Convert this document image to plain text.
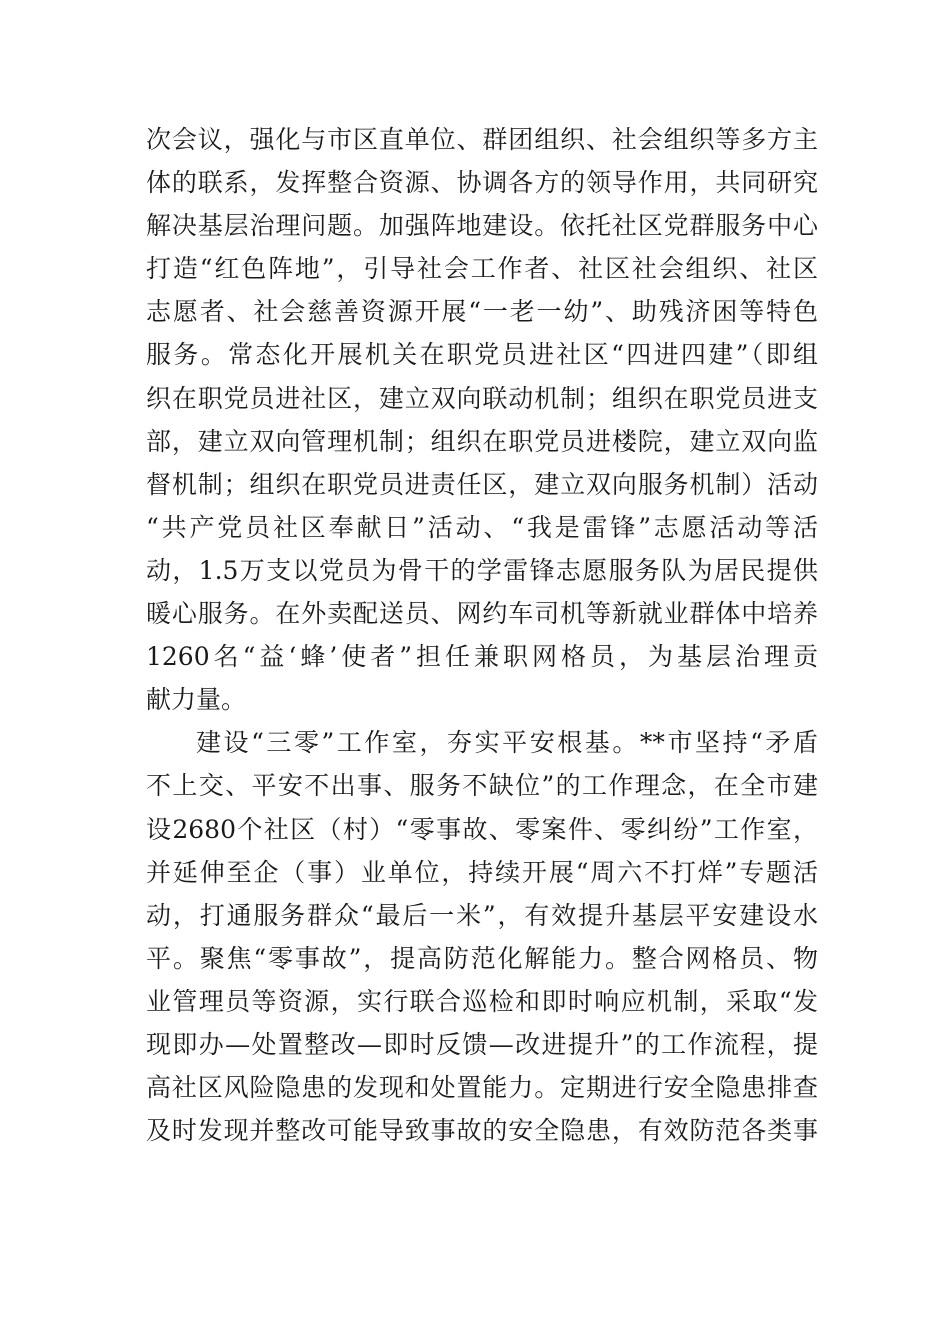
次会议，强化与市区直单位、群团组织、社会组织等多方主
体的联系，发挥整合资源、协调各方的领导作用，共同研究
解决基层治理问题。加强阵地建设。依托社区党群服务中心
打造“红色阵地”，引导社会工作者、社区社会组织、社区
志愿者、社会慈善资源开展“一老一幼”、助残济困等特色
服务。常态化开展机关在职党员进社区“四进四建”（即组
织在职党员进社区，建立双向联动机制；组织在职党员进支
部，建立双向管理机制；组织在职党员进楼院，建立双向监
督机制；组织在职党员进责任区，建立双向服务机制）活动
“共产党员社区奉献日”活动、“我是雷锋”志愿活动等活
动，1.5万支以党员为骨干的学雷锋志愿服务队为居民提供
暖心服务。在外卖配送员、网约车司机等新就业群体中培养
1260名“益‘蜂’使者”担任兼职网格员，为基层治理贡
献力量。
建设“三零”工作室，夯实平安根基。**市坚持“矛盾
不上交、平安不出事、服务不缺位”的工作理念，在全市建
设2680个社区（村）“零事故、零案件、零纠纷”工作室，
并延伸至企（事）业单位，持续开展“周六不打烊”专题活
动，打通服务群众“最后一米”，有效提升基层平安建设水
平。聚焦“零事故”，提高防范化解能力。整合网格员、物
业管理员等资源，实行联合巡检和即时响应机制，采取“发
现即办—处置整改—即时反馈—改进提升”的工作流程，提
高社区风险隐患的发现和处置能力。定期进行安全隐患排查
及时发现并整改可能导致事故的安全隐患，有效防范各类事
